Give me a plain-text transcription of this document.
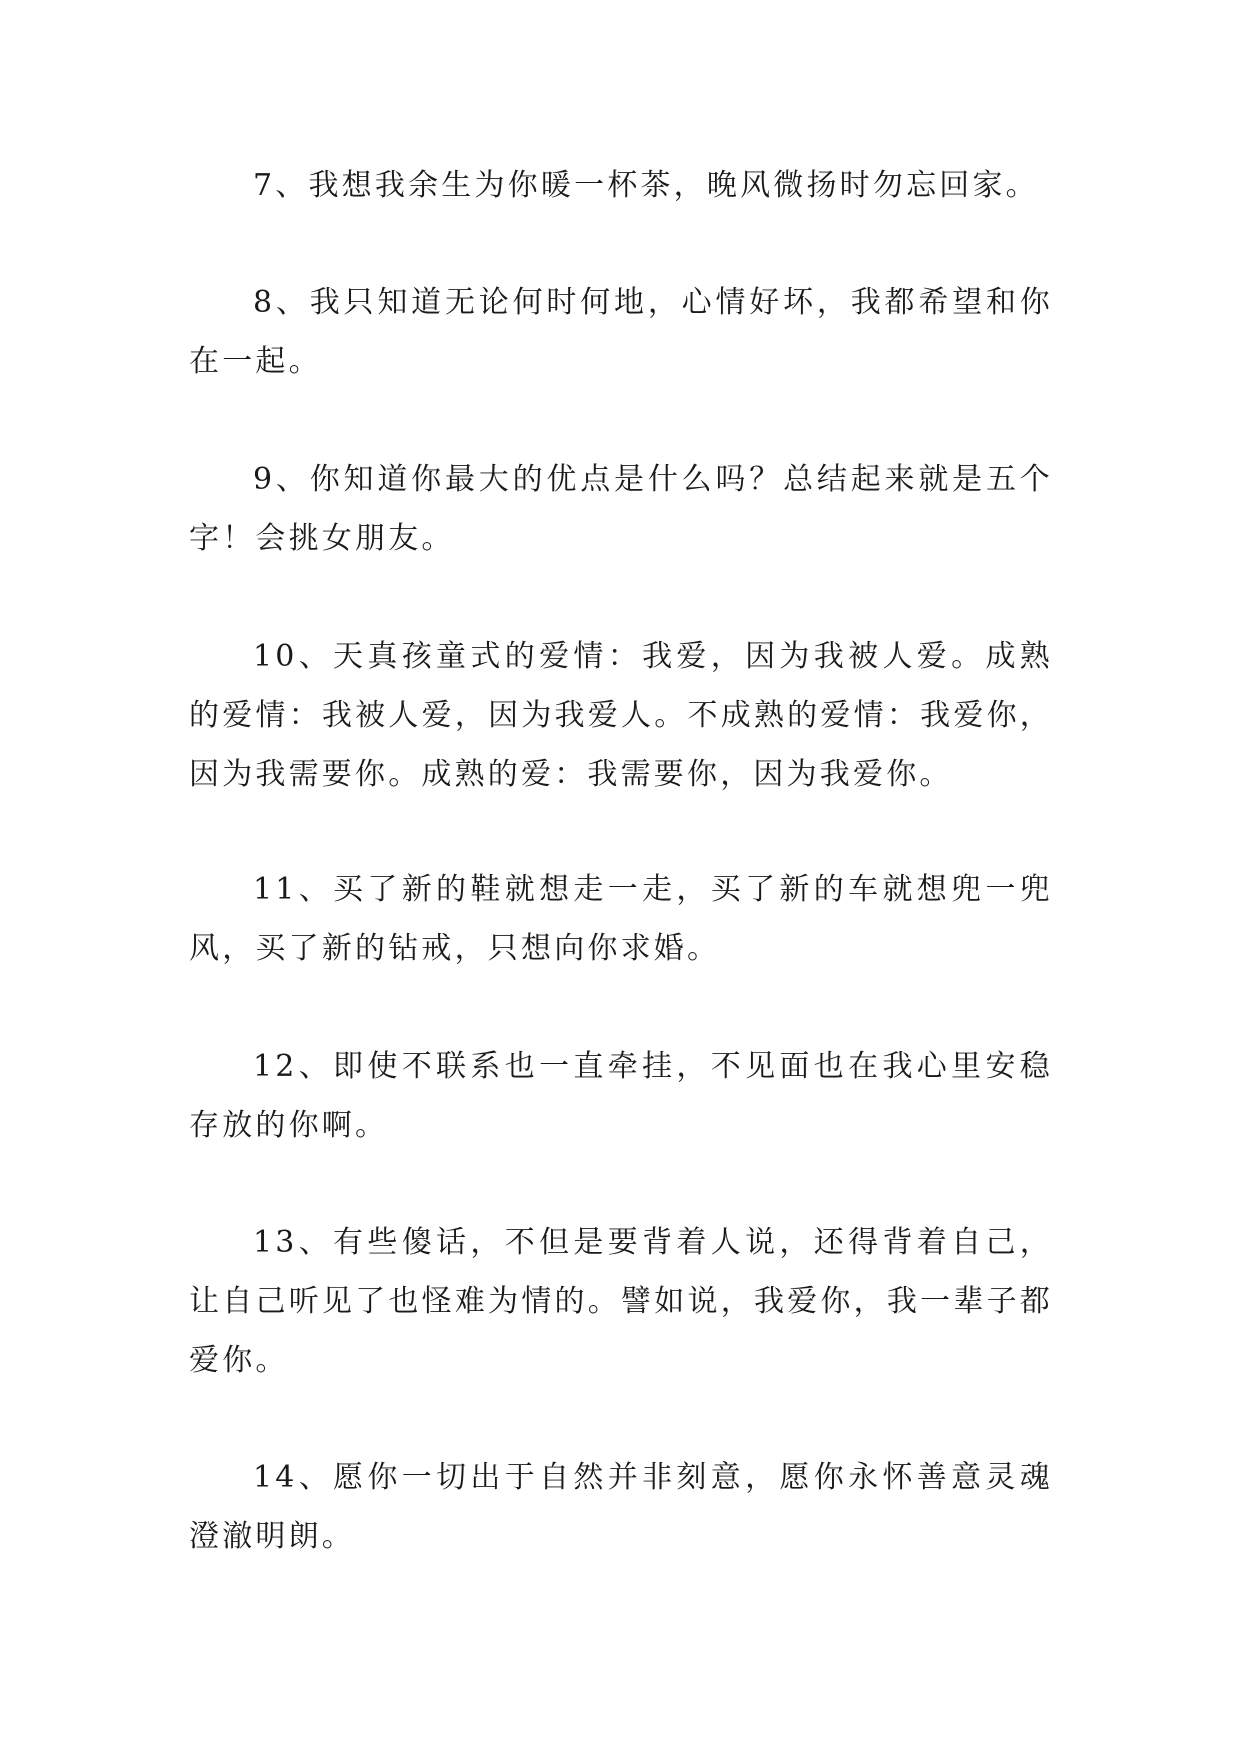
7、我想我余生为你暖一杯茶，晚风微扬时勿忘回家。

8、我只知道无论何时何地，心情好坏，我都希望和你在一起。

9、你知道你最大的优点是什么吗？总结起来就是五个字！会挑女朋友。

10、天真孩童式的爱情：我爱，因为我被人爱。成熟的爱情：我被人爱，因为我爱人。不成熟的爱情：我爱你，因为我需要你。成熟的爱：我需要你，因为我爱你。

11、买了新的鞋就想走一走，买了新的车就想兜一兜风，买了新的钻戒，只想向你求婚。

12、即使不联系也一直牵挂，不见面也在我心里安稳存放的你啊。

13、有些傻话，不但是要背着人说，还得背着自己，让自己听见了也怪难为情的。譬如说，我爱你，我一辈子都爱你。

14、愿你一切出于自然并非刻意，愿你永怀善意灵魂澄澈明朗。
